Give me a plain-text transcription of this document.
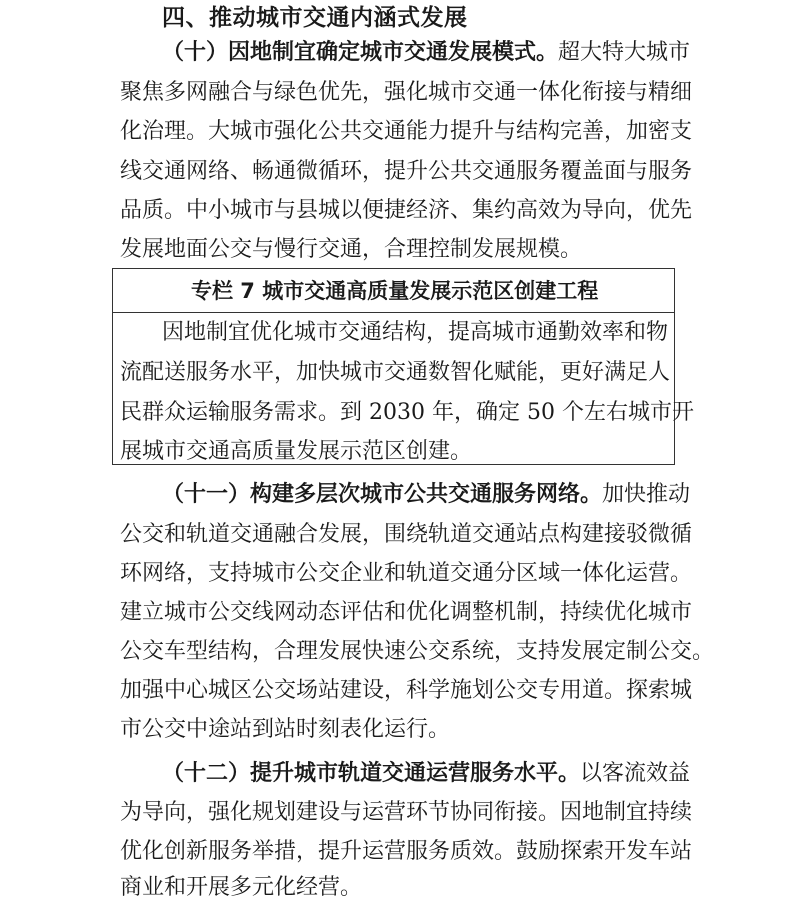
四、推动城市交通内涵式发展

（十）因地制宜确定城市交通发展模式。超大特大城市

聚焦多网融合与绿色优先，强化城市交通一体化衔接与精细

化治理。大城市强化公共交通能力提升与结构完善，加密支

线交通网络、畅通微循环，提升公共交通服务覆盖面与服务

品质。中小城市与县城以便捷经济、集约高效为导向，优先

发展地面公交与慢行交通，合理控制发展规模。

专栏 7 城市交通高质量发展示范区创建工程

因地制宜优化城市交通结构，提高城市通勤效率和物

流配送服务水平，加快城市交通数智化赋能，更好满足人

民群众运输服务需求。到 2030 年，确定 50 个左右城市开

展城市交通高质量发展示范区创建。

（十一）构建多层次城市公共交通服务网络。加快推动

公交和轨道交通融合发展，围绕轨道交通站点构建接驳微循

环网络，支持城市公交企业和轨道交通分区域一体化运营。

建立城市公交线网动态评估和优化调整机制，持续优化城市

公交车型结构，合理发展快速公交系统，支持发展定制公交。

加强中心城区公交场站建设，科学施划公交专用道。探索城

市公交中途站到站时刻表化运行。

（十二）提升城市轨道交通运营服务水平。以客流效益

为导向，强化规划建设与运营环节协同衔接。因地制宜持续

优化创新服务举措，提升运营服务质效。鼓励探索开发车站

商业和开展多元化经营。
